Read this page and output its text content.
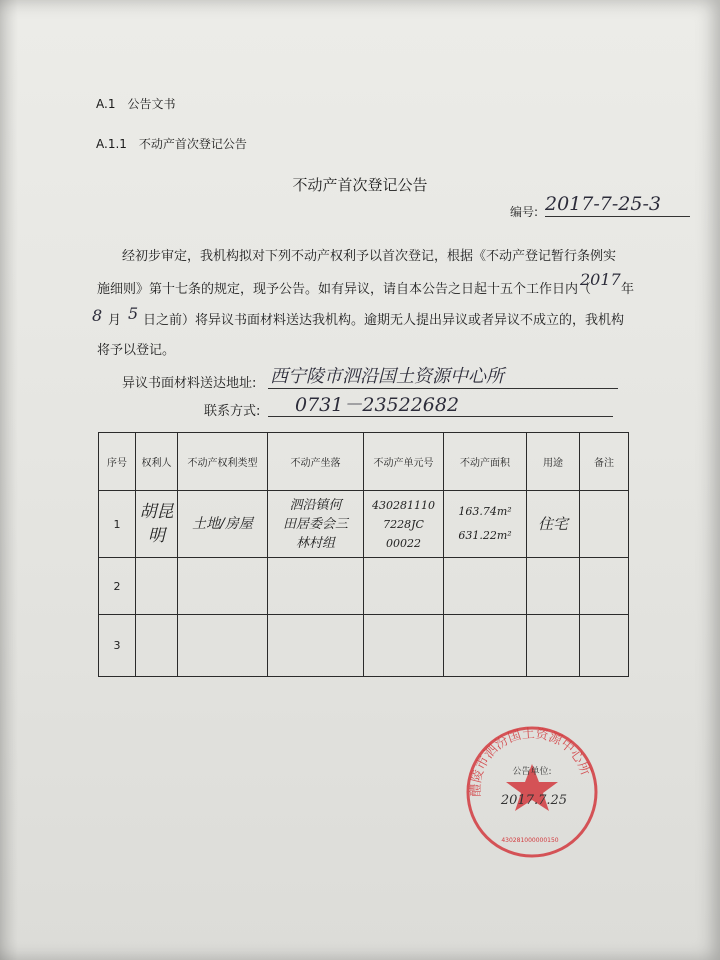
A.1　公告文书
A.1.1　不动产首次登记公告
不动产首次登记公告
编号: 2017-7-25-3
经初步审定，我机构拟对下列不动产权利予以首次登记，根据《不动产登记暂行条例实
施细则》第十七条的规定，现予公告。如有异议，请自本公告之日起十五个工作日内（
2017
年
8 月 5 日之前）将异议书面材料送达我机构。逾期无人提出异议或者异议不成立的，我机构
将予以登记。
异议书面材料送达地址: 西宁陵市泗沿国土资源中心所
联系方式: 0731－23522682
序号	权利人	不动产权利类型	不动产坐落	不动产单元号	不动产面积	用途	备注
1	胡昆
明	土地/房屋	泗沿镇何
田居委会三
林村组	430281110
7228JC
00022	163.74m²
631.22m²	住宅	
2							
3							
醴陵市泗汾国土资源中心所
公告单位:
2017.7.25
430281000000150
